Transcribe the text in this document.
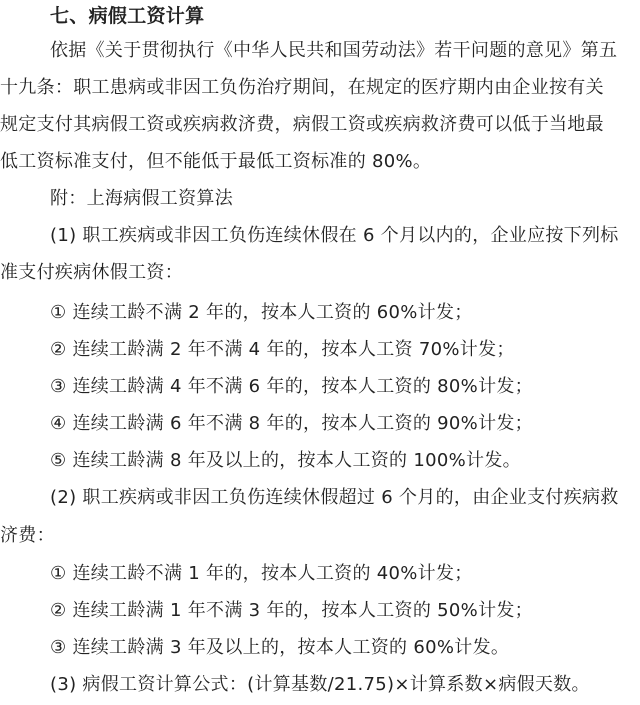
七、病假工资计算
依据《关于贯彻执行《中华人民共和国劳动法》若干问题的意见》第五
十九条：职工患病或非因工负伤治疗期间，在规定的医疗期内由企业按有关
规定支付其病假工资或疾病救济费，病假工资或疾病救济费可以低于当地最
低工资标准支付，但不能低于最低工资标准的 80%。
附：上海病假工资算法
(1) 职工疾病或非因工负伤连续休假在 6 个月以内的，企业应按下列标
准支付疾病休假工资：
① 连续工龄不满 2 年的，按本人工资的 60%计发；
② 连续工龄满 2 年不满 4 年的，按本人工资 70%计发；
③ 连续工龄满 4 年不满 6 年的，按本人工资的 80%计发；
④ 连续工龄满 6 年不满 8 年的，按本人工资的 90%计发；
⑤ 连续工龄满 8 年及以上的，按本人工资的 100%计发。
(2) 职工疾病或非因工负伤连续休假超过 6 个月的，由企业支付疾病救
济费：
① 连续工龄不满 1 年的，按本人工资的 40%计发；
② 连续工龄满 1 年不满 3 年的，按本人工资的 50%计发；
③ 连续工龄满 3 年及以上的，按本人工资的 60%计发。
(3) 病假工资计算公式：(计算基数/21.75)×计算系数×病假天数。
